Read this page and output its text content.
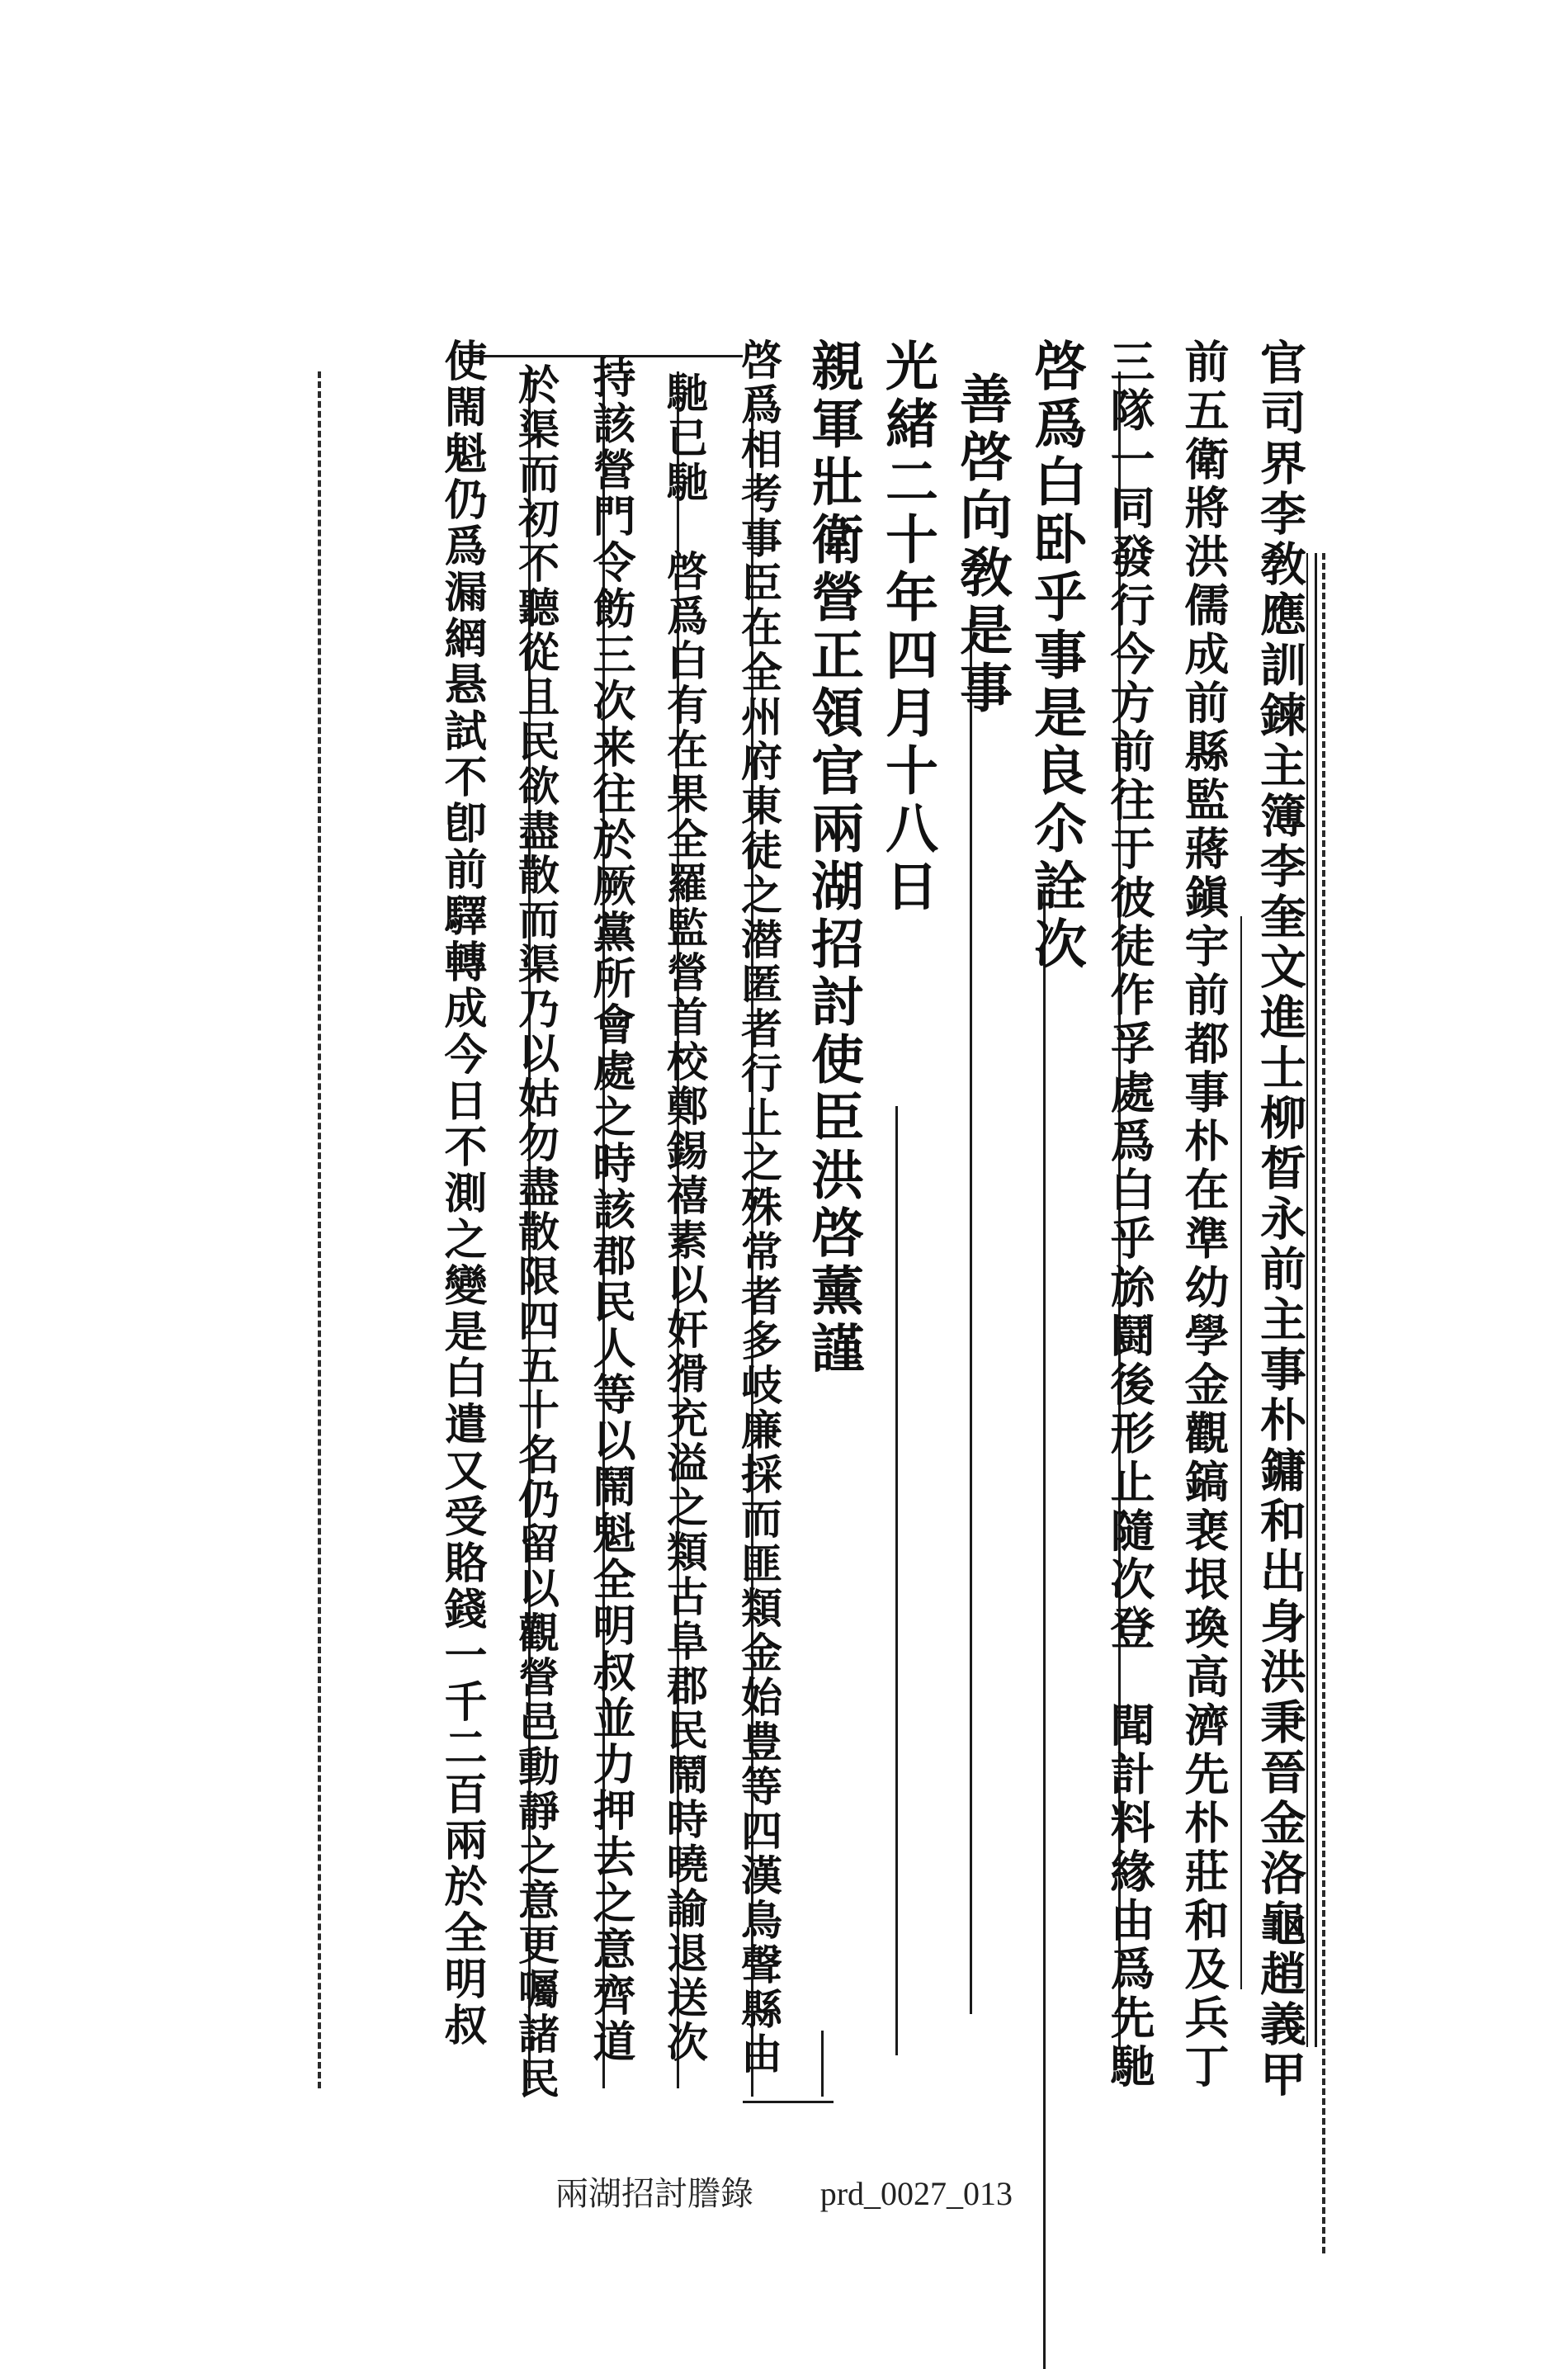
官司界李敎應訓鍊主簿李奎文進士柳晳永前主事朴鏞和出身洪秉晉金洛龜趙義甲
前五衛將洪儒成前縣監蔣鎭宇前都事朴在準幼學金觀鎬裵垠瑍高濟先朴莊和及兵丁
三隊一同發行今方前往于彼徒作孚處爲白乎旀鬪後形止隨次登　聞計料緣由爲先馳
啓爲白卧乎事是良尒詮次
善啓向敎是事
光緒二十年四月十八日
親軍壯衛營正領官兩湖招討使臣洪啓薰謹
啓爲相考事臣在全州府東徒之潜匿者行止之殊常者多岐廉採而匪類金始豊等四漢鳥聲縣由
馳已馳　啓爲白有在果全羅監營首校鄭錫禧素以奸猾充溢之類古阜郡民鬧時曉諭退送次
持該營門令飭三次来往於厥黨所會處之時該郡民人等以鬧魁全明叔並力押去之意齊道
於渠而初不聽從且民欲盡散而渠乃以姑勿盡散限四五十名仍留以觀營邑動靜之意更囑諸民
使閙魁仍爲漏網悬試不卽前驛轉成今日不測之變是白遣又受賂錢一千二百兩於全明叔
兩湖招討謄錄 prd_0027_013
